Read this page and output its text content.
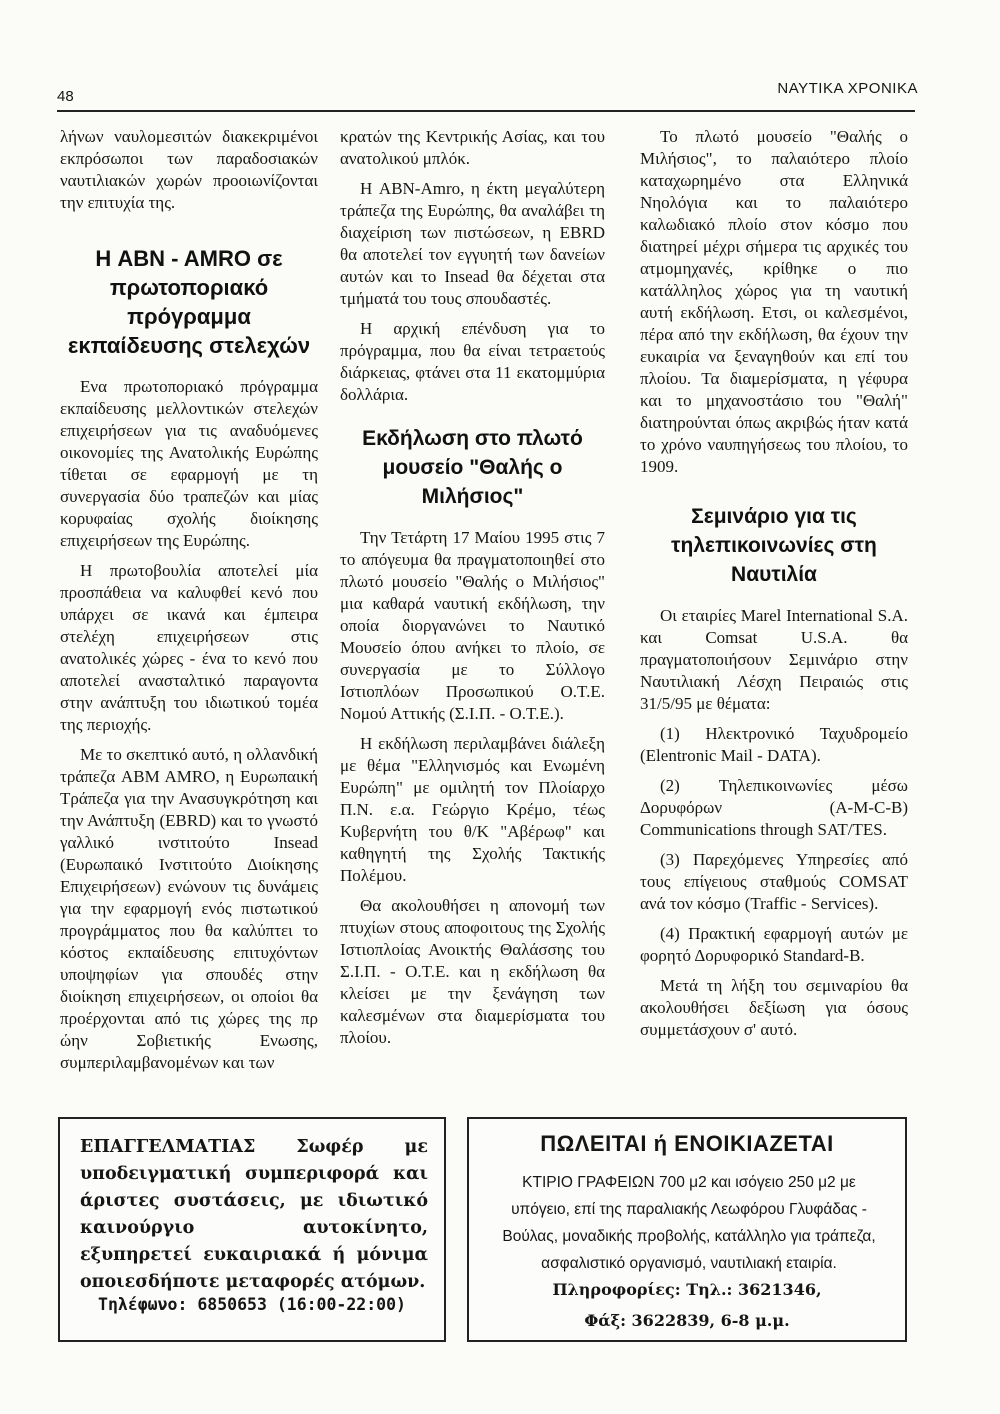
48	ΝΑΥΤΙΚΑ ΧΡΟΝΙΚΑ

λήνων ναυλομεσιτών διακεκριμένοι εκπρόσωποι των παραδοσιακών ναυτιλιακών χωρών προοιωνίζονται την επιτυχία της.

Η ABN - AMRO σε πρωτοποριακό πρόγραμμα εκπαίδευσης στελεχών

Ενα πρωτοποριακό πρόγραμμα εκπαίδευσης μελλοντικών στελεχών επιχειρήσεων για τις αναδυόμενες οικονομίες της Ανατολικής Ευρώπης τίθεται σε εφαρμογή με τη συνεργασία δύο τραπεζών και μίας κορυφαίας σχολής διοίκησης επιχειρήσεων της Ευρώπης.

Η πρωτοβουλία αποτελεί μία προσπάθεια να καλυφθεί κενό που υπάρχει σε ικανά και έμπειρα στελέχη επιχειρήσεων στις ανατολικές χώρες - ένα το κενό που αποτελεί ανασταλτικό παραγοντα στην ανάπτυξη του ιδιωτικού τομέα της περιοχής.

Με το σκεπτικό αυτό, η ολλανδική τράπεζα ABM AMRO, η Ευρωπαική Τράπεζα για την Ανασυγκρότηση και την Ανάπτυξη (EBRD) και το γνωστό γαλλικό ινστιτούτο Insead (Ευρωπαικό Ινστιτούτο Διοίκησης Επιχειρήσεων) ενώνουν τις δυνάμεις για την εφαρμογή ενός πιστωτικού προγράμματος που θα καλύπτει το κόστος εκπαίδευσης επιτυχόντων υποψηφίων για σπουδές στην διοίκηση επιχειρήσεων, οι οποίοι θα προέρχονται από τις χώρες της πρ ώην Σοβιετικής Ενωσης, συμπεριλαμβανομένων και των

κρατών της Κεντρικής Ασίας, και του ανατολικού μπλόκ.

Η ABN-Amro, η έκτη μεγαλύτερη τράπεζα της Ευρώπης, θα αναλάβει τη διαχείριση των πιστώσεων, η EBRD θα αποτελεί τον εγγυητή των δανείων αυτών και το Insead θα δέχεται στα τμήματά του τους σπουδαστές.

Η αρχική επένδυση για το πρόγραμμα, που θα είναι τετραετούς διάρκειας, φτάνει στα 11 εκατομμύρια δολλάρια.

Εκδήλωση στο πλωτό μουσείο "Θαλής ο Μιλήσιος"

Την Τετάρτη 17 Μαίου 1995 στις 7 το απόγευμα θα πραγματοποιηθεί στο πλωτό μουσείο "Θαλής ο Μιλήσιος" μια καθαρά ναυτική εκδήλωση, την οποία διοργανώνει το Ναυτικό Μουσείο όπου ανήκει το πλοίο, σε συνεργασία με το Σύλλογο Ιστιοπλόων Προσωπικού Ο.Τ.Ε. Νομού Αττικής (Σ.Ι.Π. - Ο.Τ.Ε.).

Η εκδήλωση περιλαμβάνει διάλεξη με θέμα "Ελληνισμός και Ενωμένη Ευρώπη" με ομιλητή τον Πλοίαρχο Π.Ν. ε.α. Γεώργιο Κρέμο, τέως Κυβερνήτη του θ/Κ "Αβέρωφ" και καθηγητή της Σχολής Τακτικής Πολέμου.

Θα ακολουθήσει η απονομή των πτυχίων στους αποφοιτους της Σχολής Ιστιοπλοίας Ανοικτής Θαλάσσης του Σ.Ι.Π. - Ο.Τ.Ε. και η εκδήλωση θα κλείσει με την ξενάγηση των καλεσμένων στα διαμερίσματα του πλοίου.

Το πλωτό μουσείο "Θαλής ο Μιλήσιος", το παλαιότερο πλοίο καταχωρημένο στα Ελληνικά Νηολόγια και το παλαιότερο καλωδιακό πλοίο στον κόσμο που διατηρεί μέχρι σήμερα τις αρχικές του ατμομηχανές, κρίθηκε ο πιο κατάλληλος χώρος για τη ναυτική αυτή εκδήλωση. Ετσι, οι καλεσμένοι, πέρα από την εκδήλωση, θα έχουν την ευκαιρία να ξεναγηθούν και επί του πλοίου. Τα διαμερίσματα, η γέφυρα και το μηχανοστάσιο του "Θαλή" διατηρούνται όπως ακριβώς ήταν κατά το χρόνο ναυπηγήσεως του πλοίου, το 1909.

Σεμινάριο για τις τηλεπικοινωνίες στη Ναυτιλία

Οι εταιρίες Marel International S.A. και Comsat U.S.A. θα πραγματοποιήσουν Σεμινάριο στην Ναυτιλιακή Λέσχη Πειραιώς στις 31/5/95 με θέματα:

(1) Ηλεκτρονικό Ταχυδρομείο (Elentronic Mail - DATA).

(2) Τηλεπικοινωνίες μέσω Δορυφόρων (A-M-C-B) Communications through SAT/TES.

(3) Παρεχόμενες Υπηρεσίες από τους επίγειους σταθμούς COMSAT ανά τον κόσμο (Traffic - Services).

(4) Πρακτική εφαρμογή αυτών με φορητό Δορυφορικό Standard-B.

Μετά τη λήξη του σεμιναρίου θα ακολουθήσει δεξίωση για όσους συμμετάσχουν σ' αυτό.

ΕΠΑΓΓΕΛΜΑΤΙΑΣ Σωφέρ με υποδειγματική συμπεριφορά και άριστες συστάσεις, με ιδιωτικό καινούργιο αυτοκίνητο, εξυπηρετεί ευκαιριακά ή μόνιμα οποιεσδήποτε μεταφορές ατόμων.
Τηλέφωνο: 6850653 (16:00-22:00)
ΠΩΛΕΙΤΑΙ ή ΕΝΟΙΚΙΑΖΕΤΑΙ
ΚΤΙΡΙΟ ΓΡΑΦΕΙΩΝ 700 μ2 και ισόγειο 250 μ2 με υπόγειο, επί της παραλιακής Λεωφόρου Γλυφάδας - Βούλας, μοναδικής προβολής, κατάλληλο για τράπεζα, ασφαλιστικό οργανισμό, ναυτιλιακή εταιρία.
Πληροφορίες: Τηλ.: 3621346,
Φάξ: 3622839, 6-8 μ.μ.
